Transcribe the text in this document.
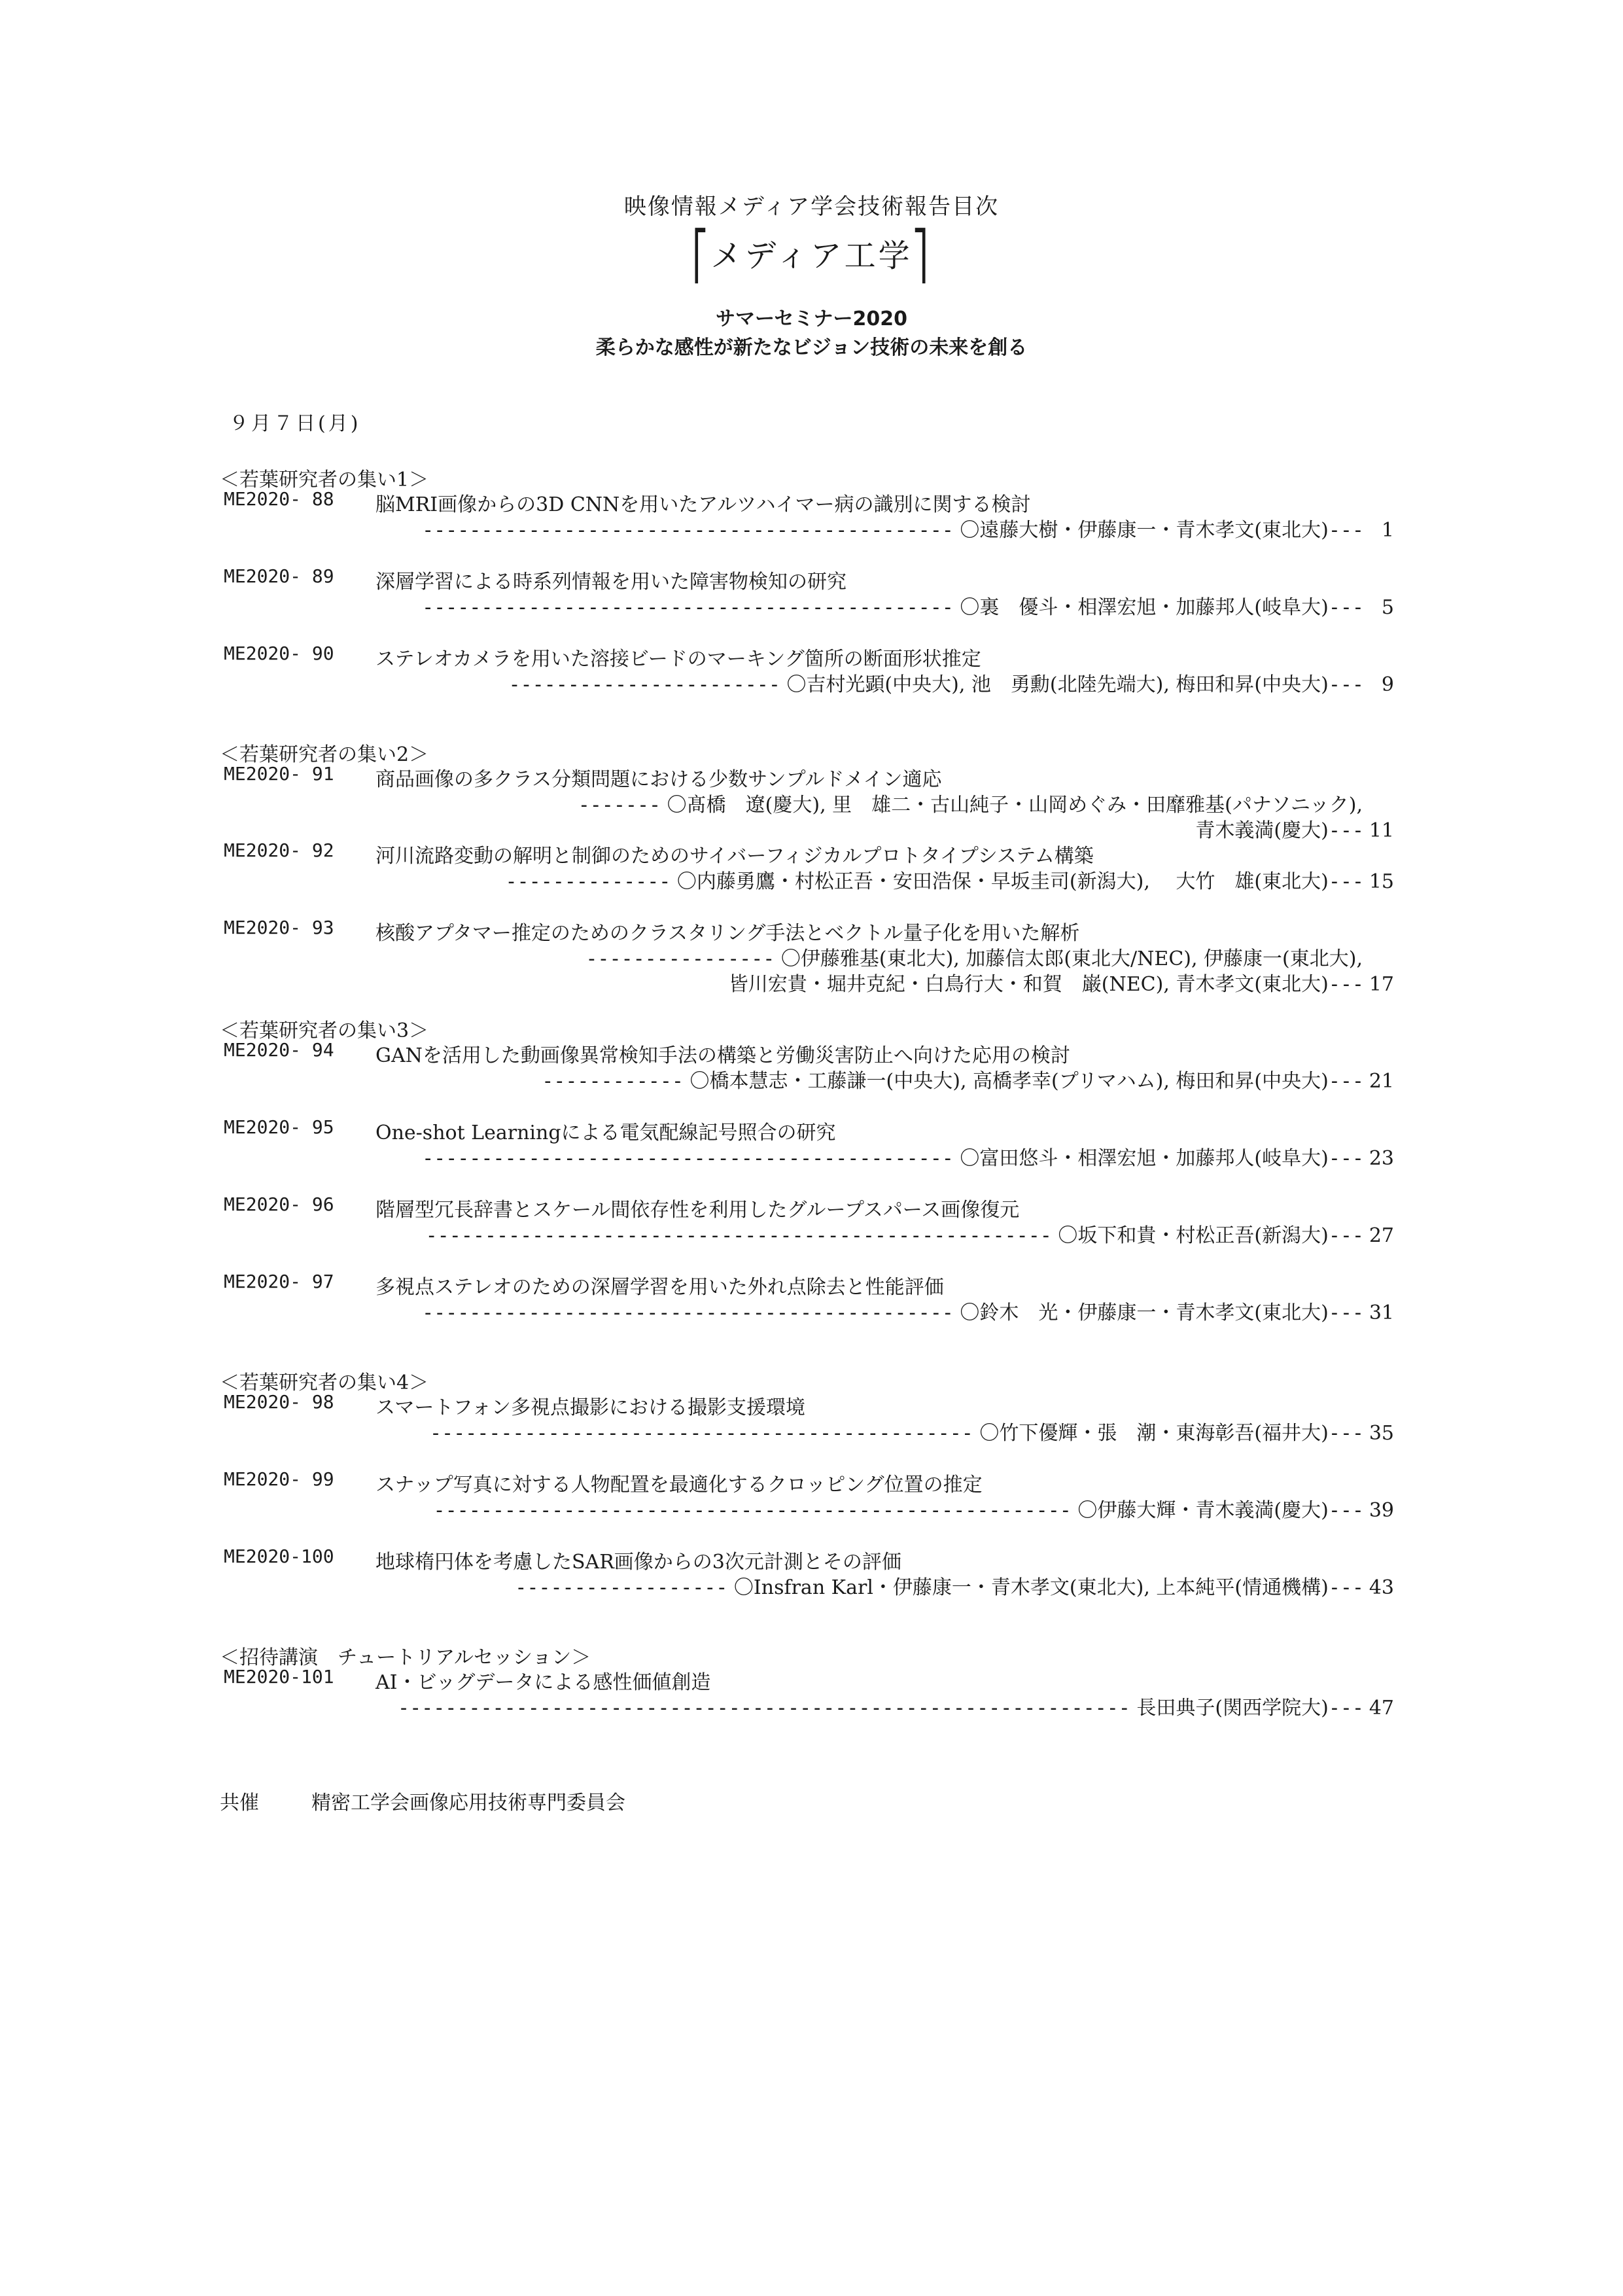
映像情報メディア学会技術報告目次
⎡メディア工学⎤
サマーセミナー2020
柔らかな感性が新たなビジョン技術の未来を創る
９月７日(月)
＜若葉研究者の集い1＞
ME2020- 88 脳MRI画像からの3D CNNを用いたアルツハイマー病の識別に関する検討
---------------------------------------------
〇遠藤大樹・伊藤康一・青木孝文(東北大) --- 1
ME2020- 89 深層学習による時系列情報を用いた障害物検知の研究
---------------------------------------------
〇裏　優斗・相澤宏旭・加藤邦人(岐阜大) --- 5
ME2020- 90 ステレオカメラを用いた溶接ビードのマーキング箇所の断面形状推定
-----------------------
〇吉村光顕(中央大), 池　勇勳(北陸先端大), 梅田和昇(中央大) --- 9
＜若葉研究者の集い2＞
ME2020- 91 商品画像の多クラス分類問題における少数サンプルドメイン適応
-------
〇髙橋　遼(慶大), 里　雄二・古山純子・山岡めぐみ・田靡雅基(パナソニック),
青木義満(慶大) --- 11
ME2020- 92 河川流路変動の解明と制御のためのサイバーフィジカルプロトタイプシステム構築
--------------
〇内藤勇鷹・村松正吾・安田浩保・早坂圭司(新潟大), 　大竹　雄(東北大) --- 15
ME2020- 93 核酸アプタマー推定のためのクラスタリング手法とベクトル量子化を用いた解析
----------------
〇伊藤雅基(東北大), 加藤信太郎(東北大/NEC), 伊藤康一(東北大),
皆川宏貴・堀井克紀・白鳥行大・和賀　巌(NEC), 青木孝文(東北大) --- 17
＜若葉研究者の集い3＞
ME2020- 94 GANを活用した動画像異常検知手法の構築と労働災害防止へ向けた応用の検討
------------
〇橋本慧志・工藤謙一(中央大), 高橋孝幸(プリマハム), 梅田和昇(中央大) --- 21
ME2020- 95 One-shot Learningによる電気配線記号照合の研究
---------------------------------------------
〇富田悠斗・相澤宏旭・加藤邦人(岐阜大) --- 23
ME2020- 96 階層型冗長辞書とスケール間依存性を利用したグループスパース画像復元
-----------------------------------------------------
〇坂下和貴・村松正吾(新潟大) --- 27
ME2020- 97 多視点ステレオのための深層学習を用いた外れ点除去と性能評価
---------------------------------------------
〇鈴木　光・伊藤康一・青木孝文(東北大) --- 31
＜若葉研究者の集い4＞
ME2020- 98 スマートフォン多視点撮影における撮影支援環境
----------------------------------------------
〇竹下優輝・張　潮・東海彰吾(福井大) --- 35
ME2020- 99 スナップ写真に対する人物配置を最適化するクロッピング位置の推定
------------------------------------------------------
〇伊藤大輝・青木義満(慶大) --- 39
ME2020-100 地球楕円体を考慮したSAR画像からの3次元計測とその評価
------------------
〇Insfran Karl・伊藤康一・青木孝文(東北大), 上本純平(情通機構) --- 43
＜招待講演　チュートリアルセッション＞
ME2020-101 AI・ビッグデータによる感性価値創造
--------------------------------------------------------------
長田典子(関西学院大) --- 47
共催	精密工学会画像応用技術専門委員会
